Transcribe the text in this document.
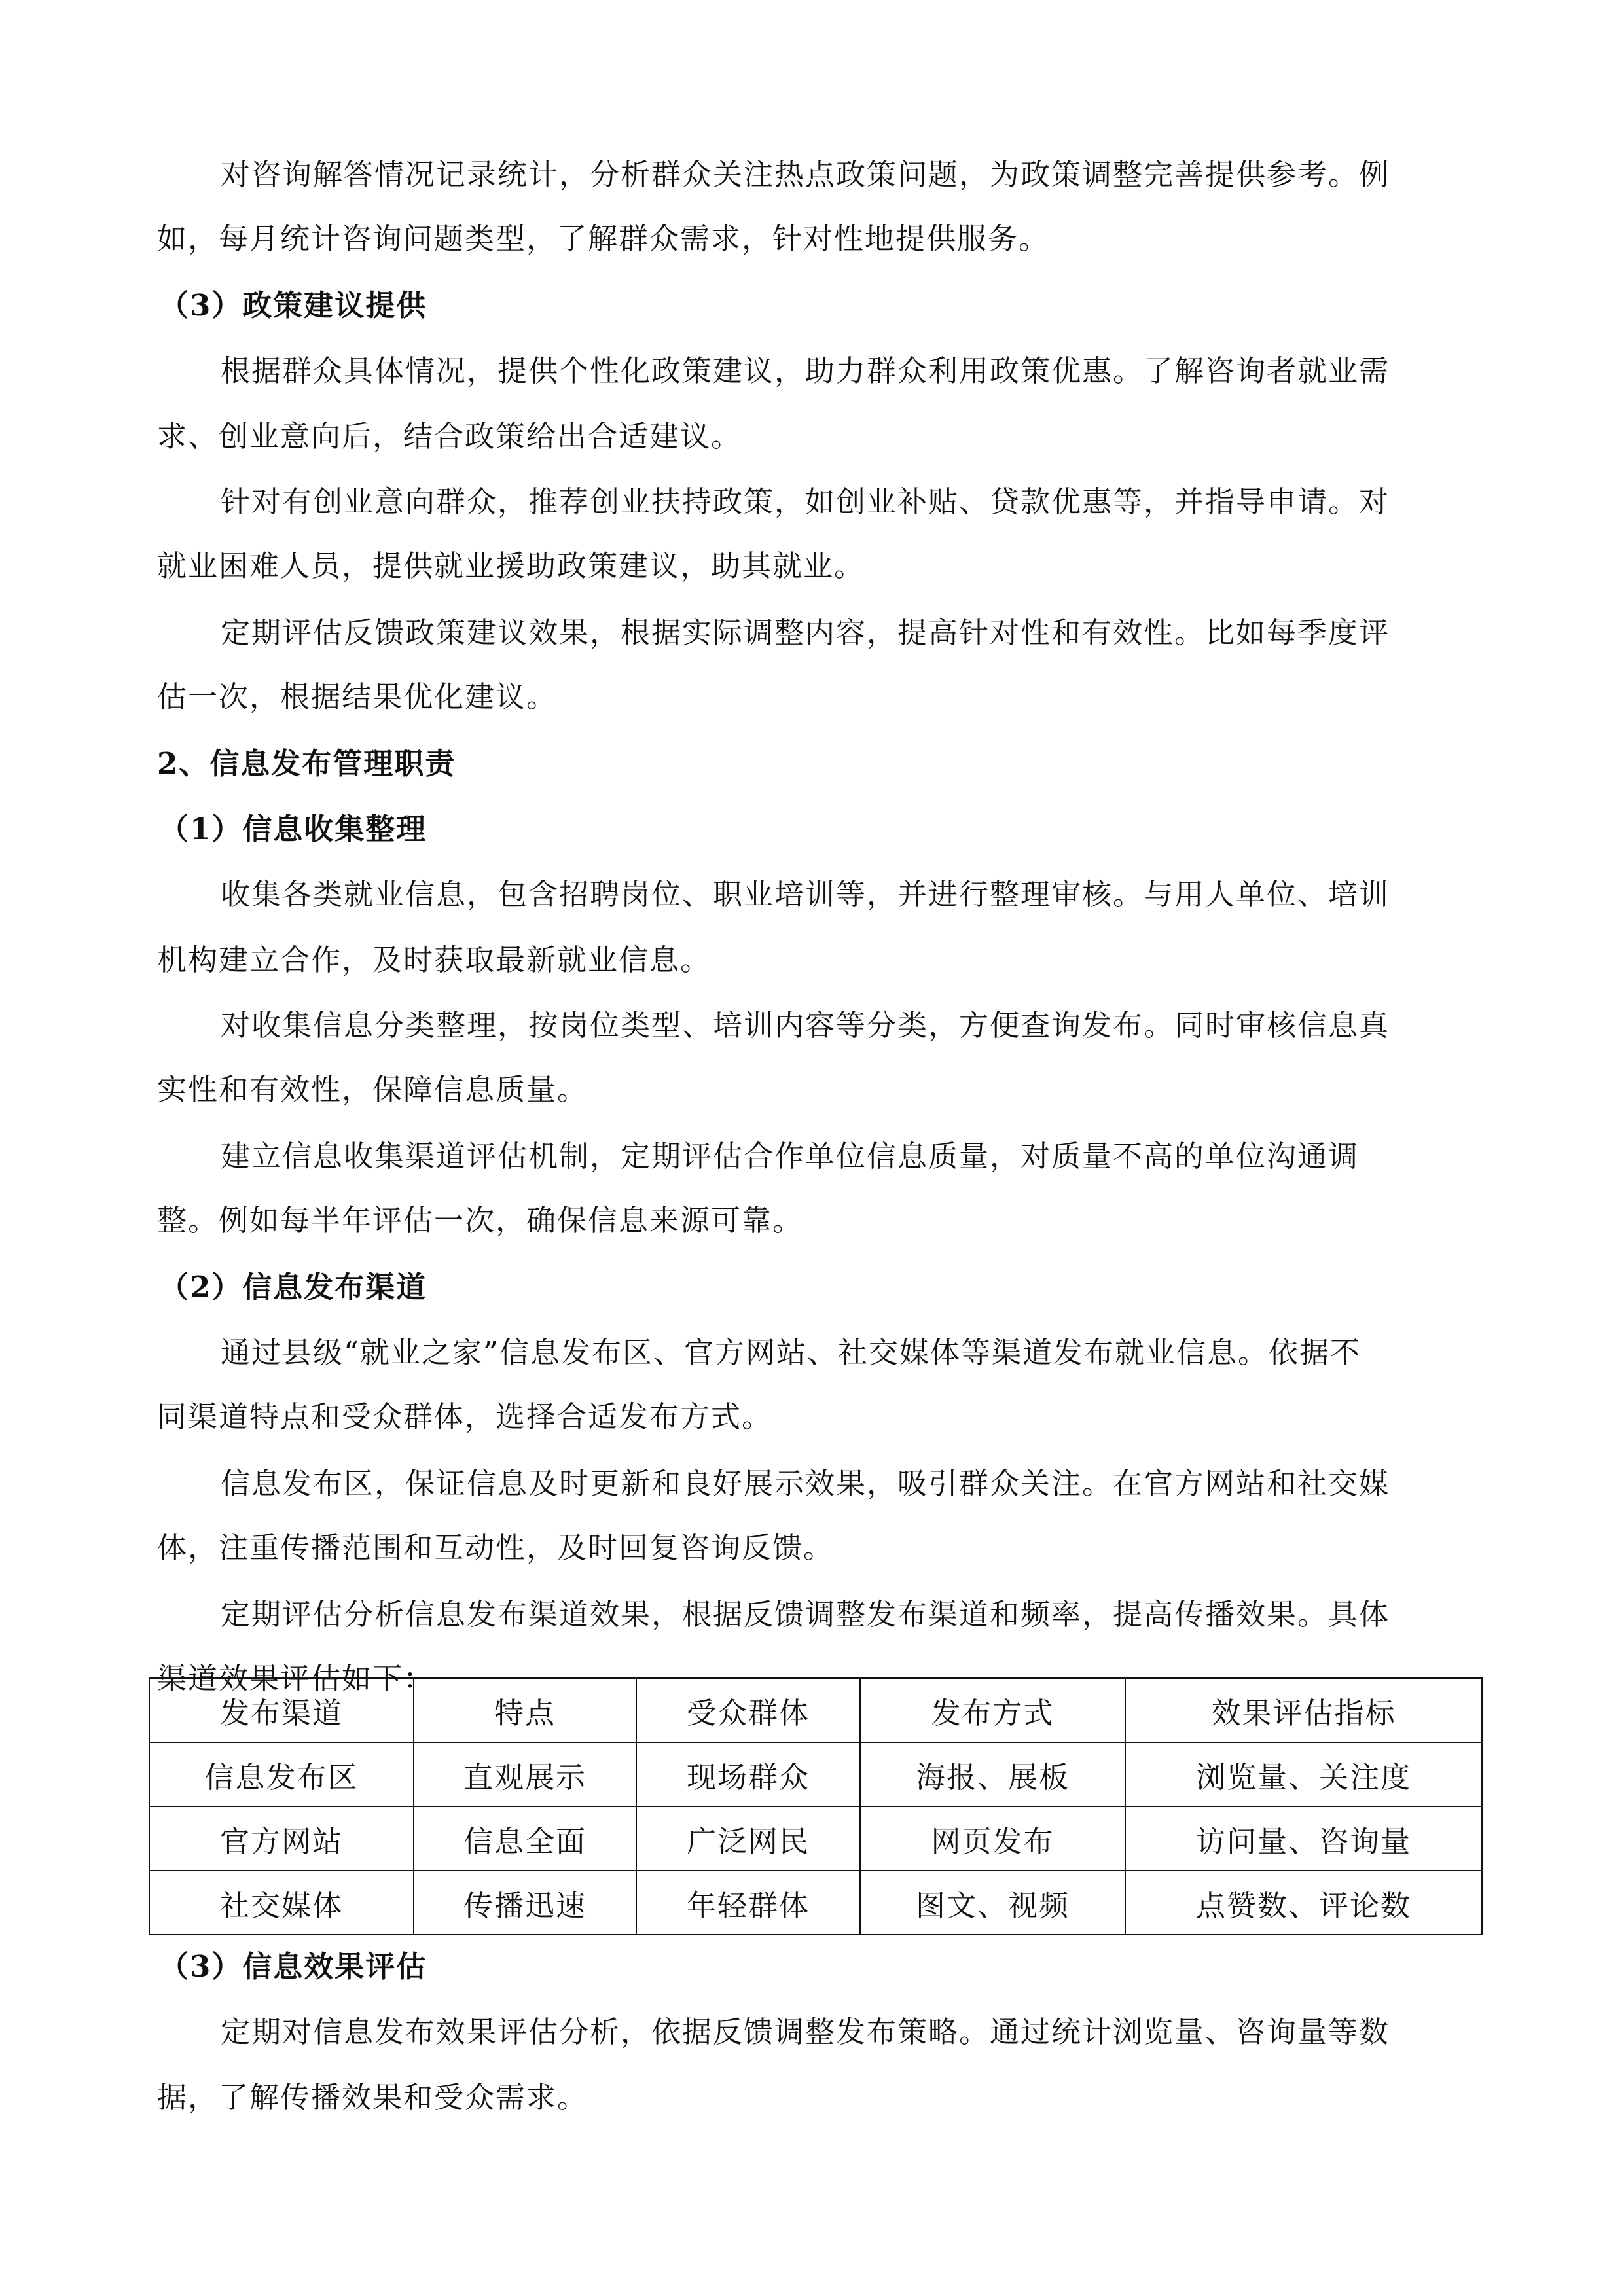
对咨询解答情况记录统计，分析群众关注热点政策问题，为政策调整完善提供参考。例
如，每月统计咨询问题类型，了解群众需求，针对性地提供服务。
（3）政策建议提供
根据群众具体情况，提供个性化政策建议，助力群众利用政策优惠。了解咨询者就业需
求、创业意向后，结合政策给出合适建议。
针对有创业意向群众，推荐创业扶持政策，如创业补贴、贷款优惠等，并指导申请。对
就业困难人员，提供就业援助政策建议，助其就业。
定期评估反馈政策建议效果，根据实际调整内容，提高针对性和有效性。比如每季度评
估一次，根据结果优化建议。
2、信息发布管理职责
（1）信息收集整理
收集各类就业信息，包含招聘岗位、职业培训等，并进行整理审核。与用人单位、培训
机构建立合作，及时获取最新就业信息。
对收集信息分类整理，按岗位类型、培训内容等分类，方便查询发布。同时审核信息真
实性和有效性，保障信息质量。
建立信息收集渠道评估机制，定期评估合作单位信息质量，对质量不高的单位沟通调
整。例如每半年评估一次，确保信息来源可靠。
（2）信息发布渠道
通过县级“就业之家”信息发布区、官方网站、社交媒体等渠道发布就业信息。依据不
同渠道特点和受众群体，选择合适发布方式。
信息发布区，保证信息及时更新和良好展示效果，吸引群众关注。在官方网站和社交媒
体，注重传播范围和互动性，及时回复咨询反馈。
定期评估分析信息发布渠道效果，根据反馈调整发布渠道和频率，提高传播效果。具体
渠道效果评估如下：
发布渠道	特点	受众群体	发布方式	效果评估指标
信息发布区	直观展示	现场群众	海报、展板	浏览量、关注度
官方网站	信息全面	广泛网民	网页发布	访问量、咨询量
社交媒体	传播迅速	年轻群体	图文、视频	点赞数、评论数
（3）信息效果评估
定期对信息发布效果评估分析，依据反馈调整发布策略。通过统计浏览量、咨询量等数
据，了解传播效果和受众需求。
